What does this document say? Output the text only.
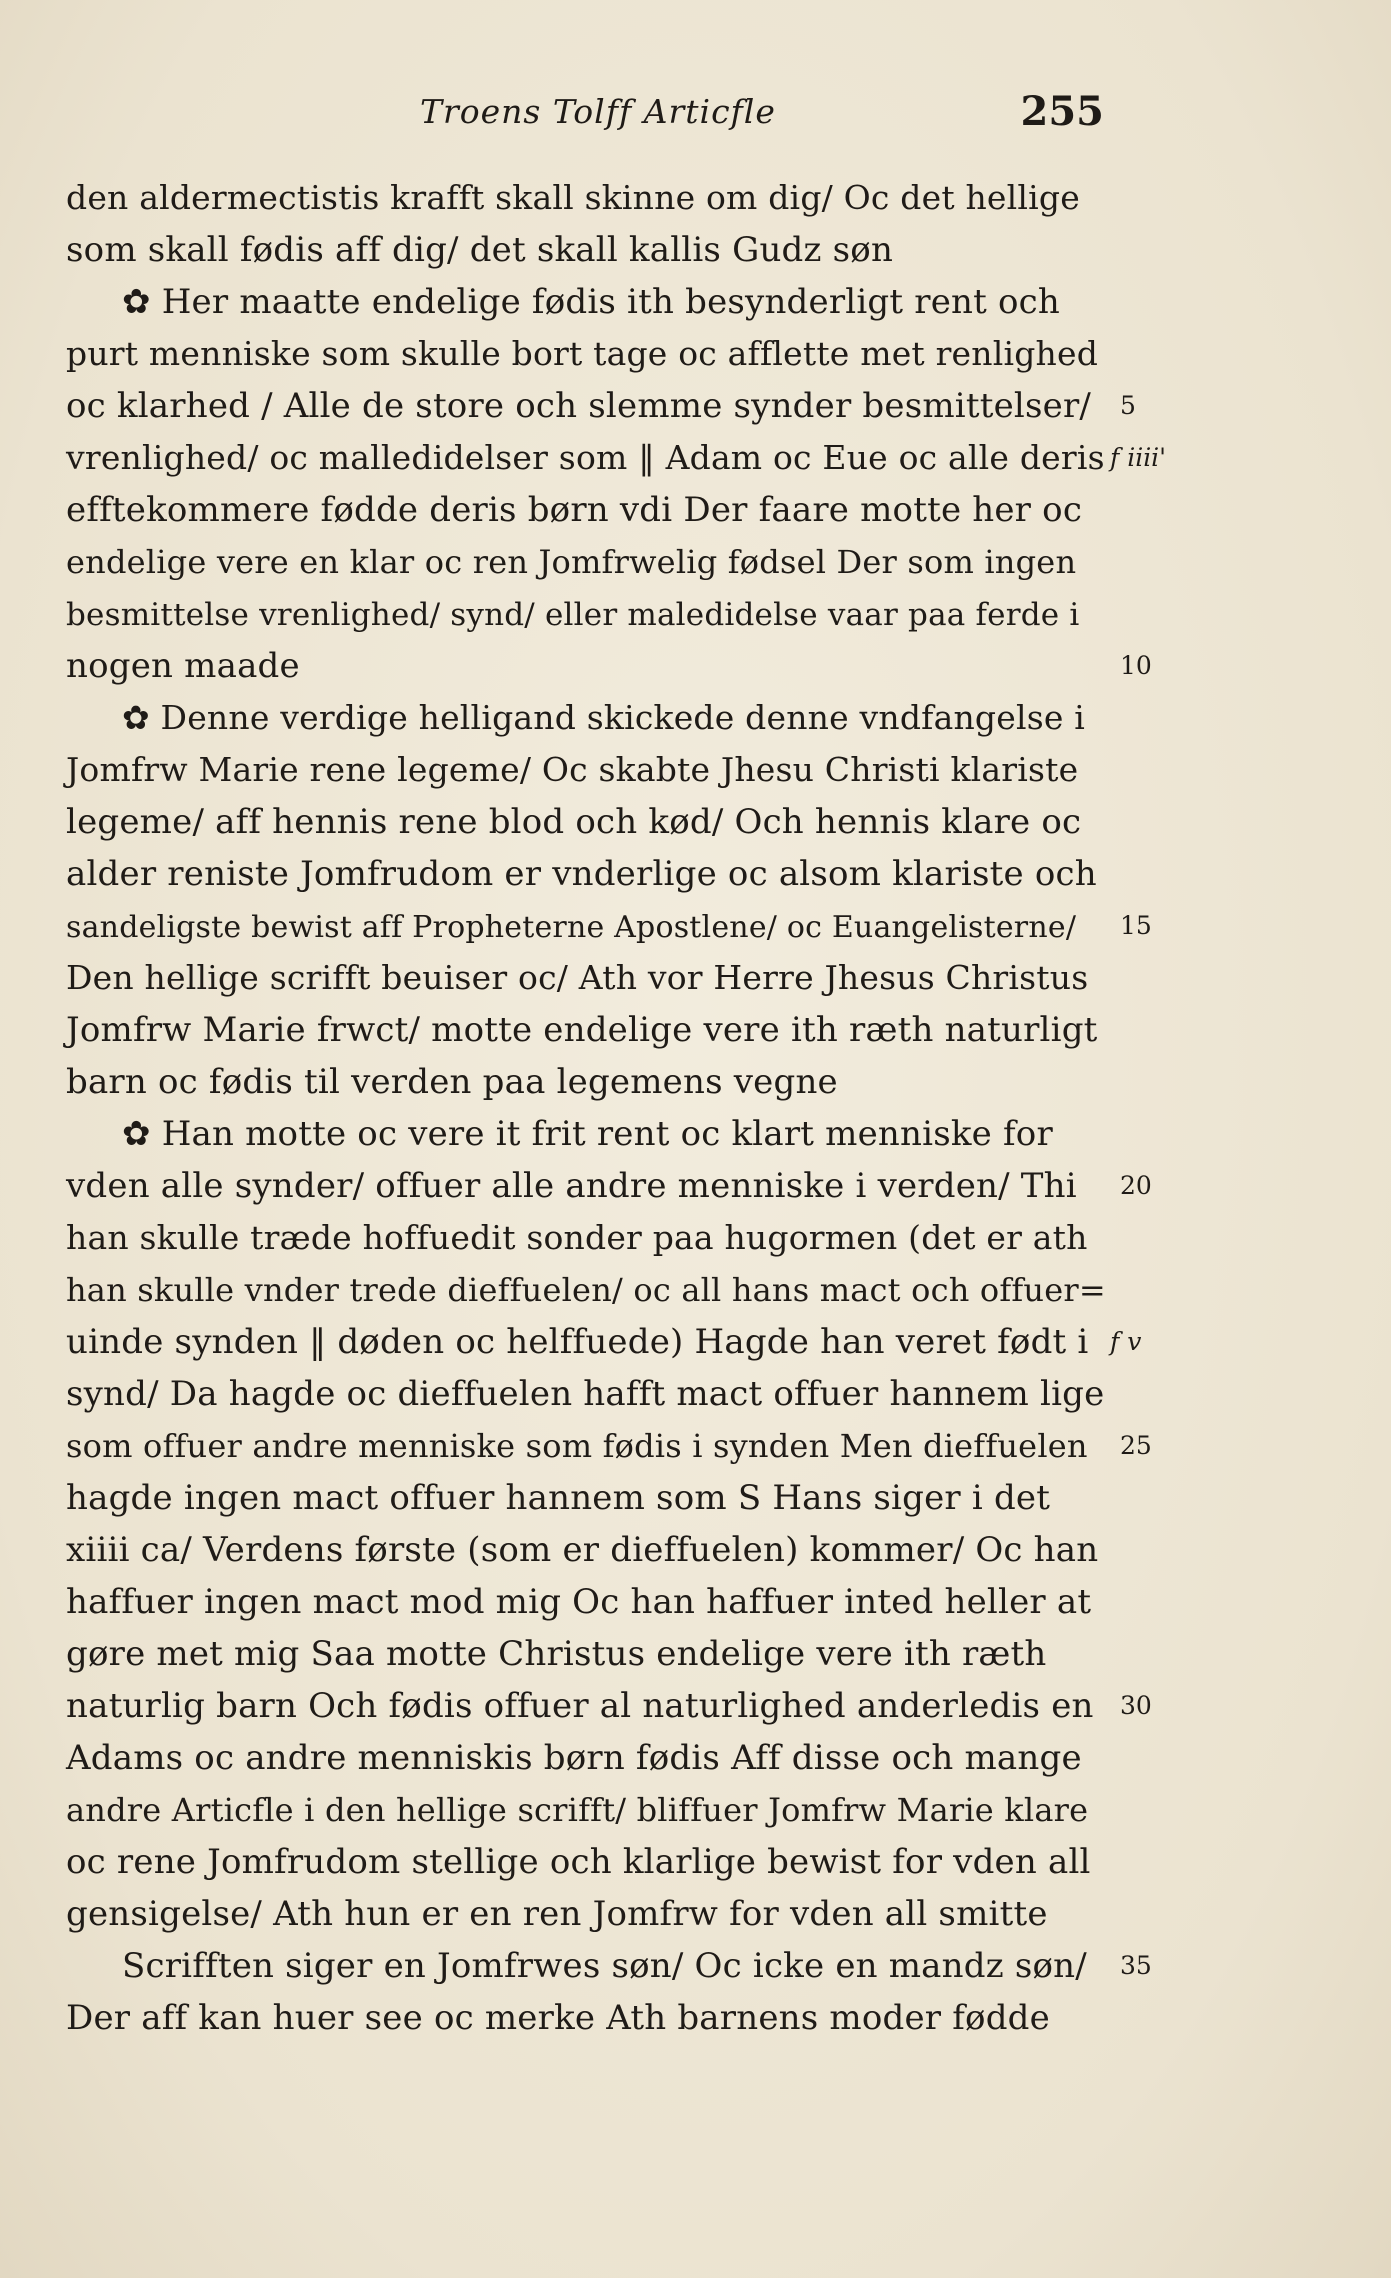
Troens Tolff Articfle	255
den aldermectistis krafft skall skinne om dig/ Oc det hellige
som skall fødis aff dig/ det skall kallis Gudz søn
✿ Her maatte endelige fødis ith besynderligt rent och
purt menniske som skulle bort tage oc afflette met renlighed
oc klarhed / Alle de store och slemme synder besmittelser/ 5
vrenlighed/ oc malledidelser som ‖ Adam oc Eue oc alle deris f iiii'
efftekommere fødde deris børn vdi Der faare motte her oc
endelige vere en klar oc ren Jomfrwelig fødsel Der som ingen
besmittelse vrenlighed/ synd/ eller maledidelse vaar paa ferde i
nogen maade	10
✿ Denne verdige helligand skickede denne vndfangelse i
Jomfrw Marie rene legeme/ Oc skabte Jhesu Christi klariste
legeme/ aff hennis rene blod och kød/ Och hennis klare oc
alder reniste Jomfrudom er vnderlige oc alsom klariste och
sandeligste bewist aff Propheterne Apostlene/ oc Euangelisterne/ 15
Den hellige scrifft beuiser oc/ Ath vor Herre Jhesus Christus
Jomfrw Marie frwct/ motte endelige vere ith ræth naturligt
barn oc fødis til verden paa legemens vegne
✿ Han motte oc vere it frit rent oc klart menniske for
vden alle synder/ offuer alle andre menniske i verden/ Thi 20
han skulle træde hoffuedit sonder paa hugormen (det er ath
han skulle vnder trede dieffuelen/ oc all hans mact och offuer=
uinde synden ‖ døden oc helffuede) Hagde han veret født i f v
synd/ Da hagde oc dieffuelen hafft mact offuer hannem lige
som offuer andre menniske som fødis i synden Men dieffuelen 25
hagde ingen mact offuer hannem som S Hans siger i det
xiiii ca/ Verdens første (som er dieffuelen) kommer/ Oc han
haffuer ingen mact mod mig Oc han haffuer inted heller at
gøre met mig Saa motte Christus endelige vere ith ræth
naturlig barn Och fødis offuer al naturlighed anderledis en 30
Adams oc andre menniskis børn fødis Aff disse och mange
andre Articfle i den hellige scrifft/ bliffuer Jomfrw Marie klare
oc rene Jomfrudom stellige och klarlige bewist for vden all
gensigelse/ Ath hun er en ren Jomfrw for vden all smitte
Scrifften siger en Jomfrwes søn/ Oc icke en mandz søn/ 35
Der aff kan huer see oc merke Ath barnens moder fødde
